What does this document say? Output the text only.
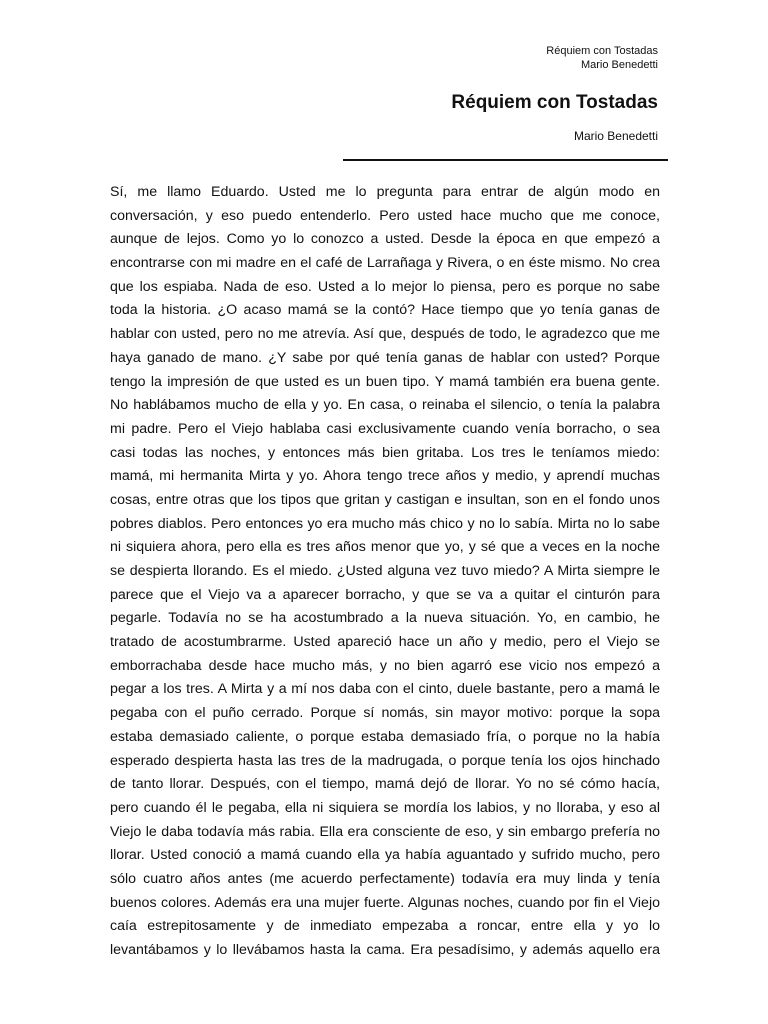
Réquiem con Tostadas
Mario Benedetti
Réquiem con Tostadas
Mario Benedetti
Sí, me llamo Eduardo. Usted me lo pregunta para entrar de algún modo en
conversación, y eso puedo entenderlo. Pero usted hace mucho que me conoce,
aunque de lejos. Como yo lo conozco a usted. Desde la época en que empezó a
encontrarse con mi madre en el café de Larrañaga y Rivera, o en éste mismo. No crea
que los espiaba. Nada de eso. Usted a lo mejor lo piensa, pero es porque no sabe
toda la historia. ¿O acaso mamá se la contó? Hace tiempo que yo tenía ganas de
hablar con usted, pero no me atrevía. Así que, después de todo, le agradezco que me
haya ganado de mano. ¿Y sabe por qué tenía ganas de hablar con usted? Porque
tengo la impresión de que usted es un buen tipo. Y mamá también era buena gente.
No hablábamos mucho de ella y yo. En casa, o reinaba el silencio, o tenía la palabra
mi padre. Pero el Viejo hablaba casi exclusivamente cuando venía borracho, o sea
casi todas las noches, y entonces más bien gritaba. Los tres le teníamos miedo:
mamá, mi hermanita Mirta y yo. Ahora tengo trece años y medio, y aprendí muchas
cosas, entre otras que los tipos que gritan y castigan e insultan, son en el fondo unos
pobres diablos. Pero entonces yo era mucho más chico y no lo sabía. Mirta no lo sabe
ni siquiera ahora, pero ella es tres años menor que yo, y sé que a veces en la noche
se despierta llorando. Es el miedo. ¿Usted alguna vez tuvo miedo? A Mirta siempre le
parece que el Viejo va a aparecer borracho, y que se va a quitar el cinturón para
pegarle. Todavía no se ha acostumbrado a la nueva situación. Yo, en cambio, he
tratado de acostumbrarme. Usted apareció hace un año y medio, pero el Viejo se
emborrachaba desde hace mucho más, y no bien agarró ese vicio nos empezó a
pegar a los tres. A Mirta y a mí nos daba con el cinto, duele bastante, pero a mamá le
pegaba con el puño cerrado. Porque sí nomás, sin mayor motivo: porque la sopa
estaba demasiado caliente, o porque estaba demasiado fría, o porque no la había
esperado despierta hasta las tres de la madrugada, o porque tenía los ojos hinchado
de tanto llorar. Después, con el tiempo, mamá dejó de llorar. Yo no sé cómo hacía,
pero cuando él le pegaba, ella ni siquiera se mordía los labios, y no lloraba, y eso al
Viejo le daba todavía más rabia. Ella era consciente de eso, y sin embargo prefería no
llorar. Usted conoció a mamá cuando ella ya había aguantado y sufrido mucho, pero
sólo cuatro años antes (me acuerdo perfectamente) todavía era muy linda y tenía
buenos colores. Además era una mujer fuerte. Algunas noches, cuando por fin el Viejo
caía estrepitosamente y de inmediato empezaba a roncar, entre ella y yo lo
levantábamos y lo llevábamos hasta la cama. Era pesadísimo, y además aquello era
